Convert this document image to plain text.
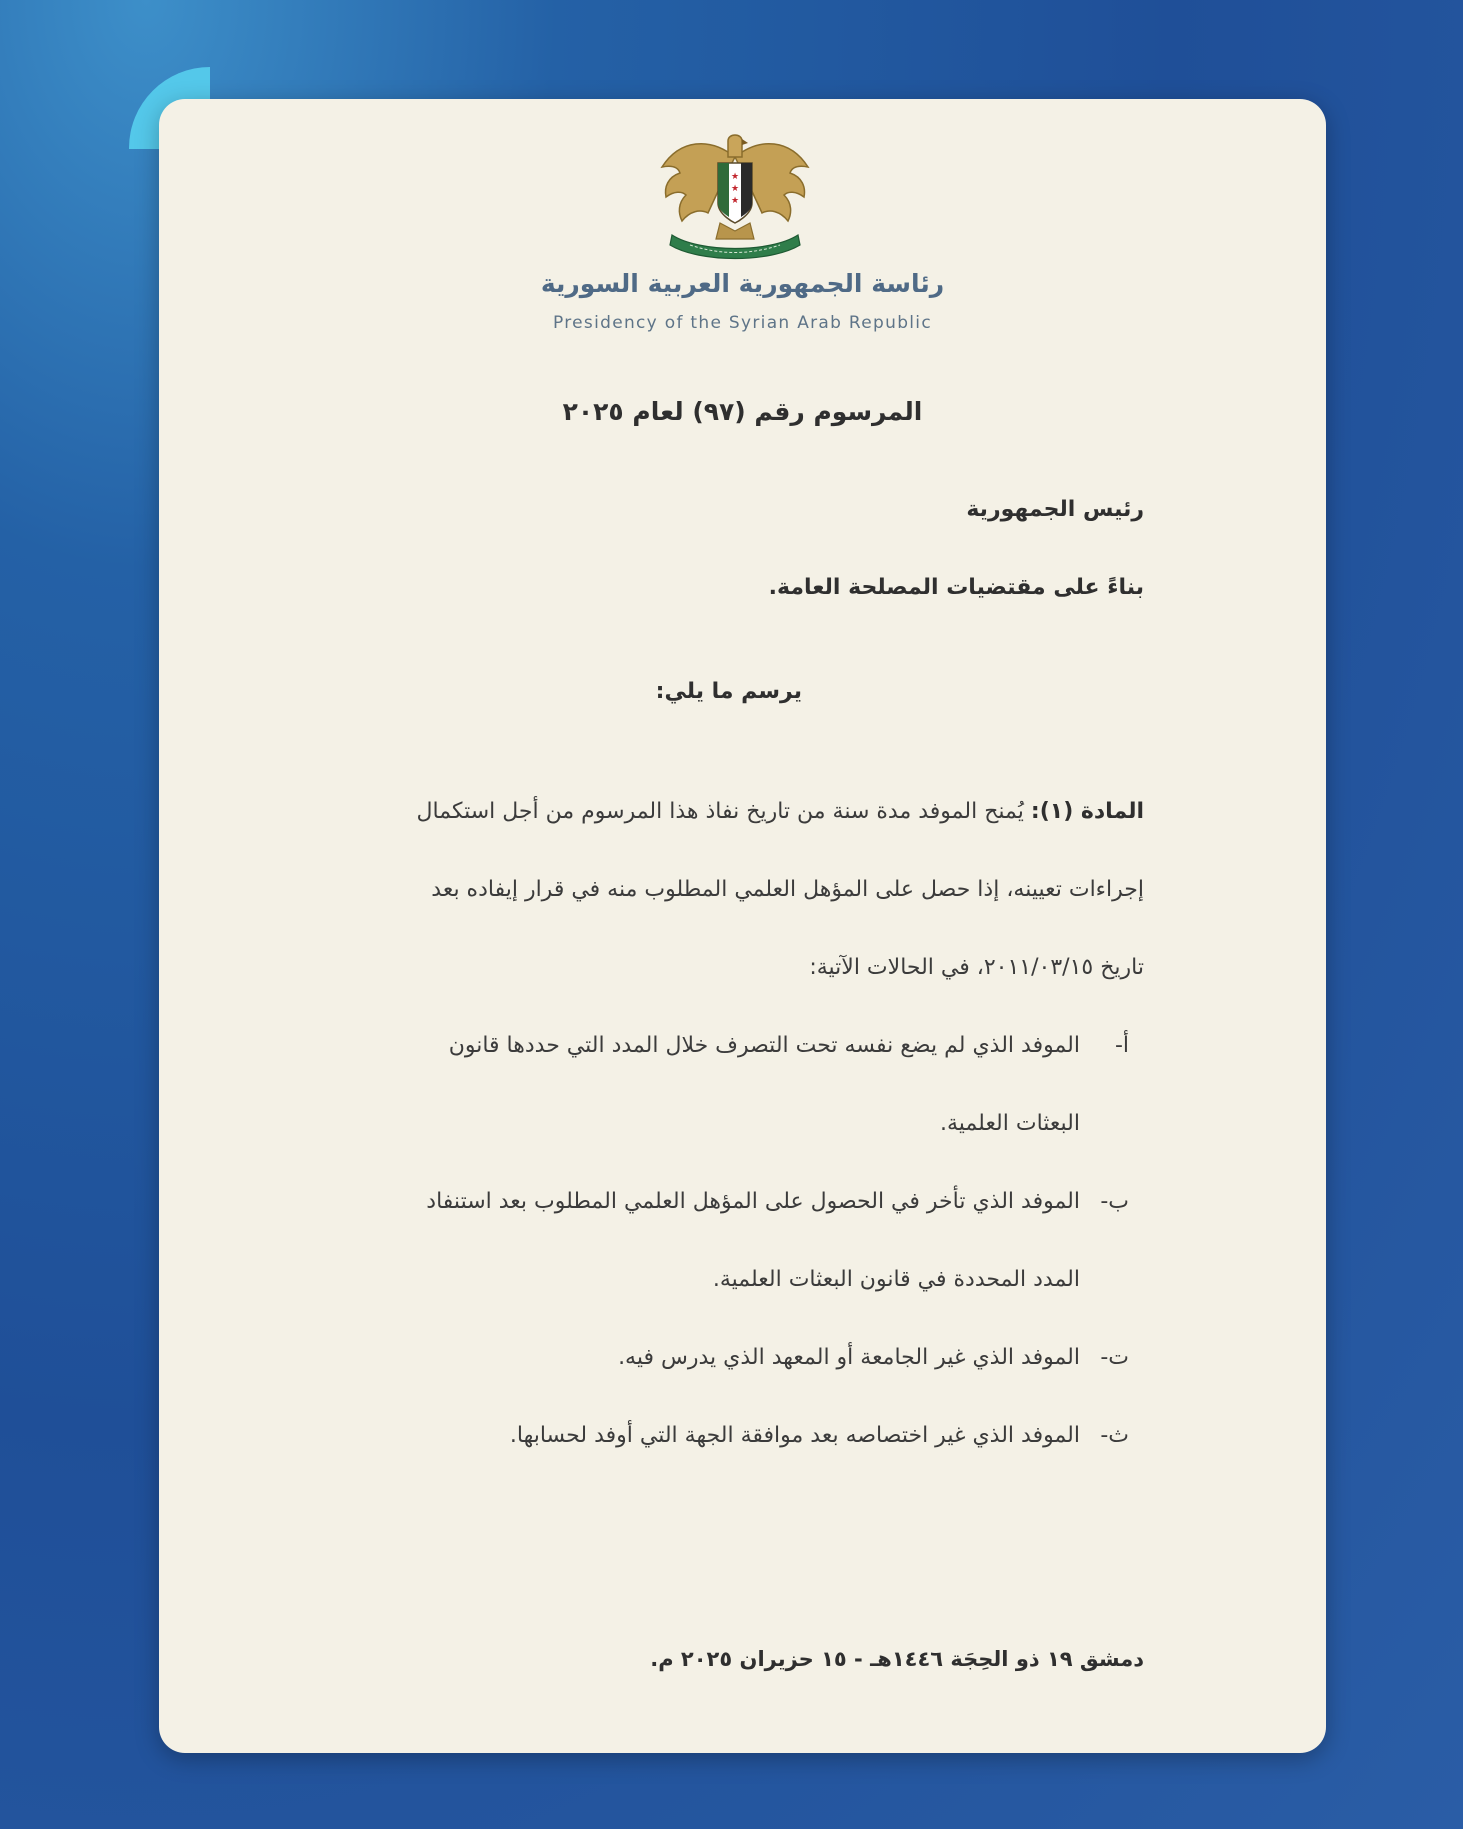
★
★
★
رئاسة الجمهورية العربية السورية
Presidency of the Syrian Arab Republic
المرسوم رقم (٩٧) لعام ٢٠٢٥
رئيس الجمهورية
بناءً على مقتضيات المصلحة العامة.
يرسم ما يلي:
المادة (١): يُمنح الموفد مدة سنة من تاريخ نفاذ هذا المرسوم من أجل استكمال
إجراءات تعيينه، إذا حصل على المؤهل العلمي المطلوب منه في قرار إيفاده بعد
تاريخ ٢٠١١/٠٣/١٥، في الحالات الآتية:
أ-
الموفد الذي لم يضع نفسه تحت التصرف خلال المدد التي حددها قانون
البعثات العلمية.
ب-
الموفد الذي تأخر في الحصول على المؤهل العلمي المطلوب بعد استنفاد
المدد المحددة في قانون البعثات العلمية.
ت-
الموفد الذي غير الجامعة أو المعهد الذي يدرس فيه.
ث-
الموفد الذي غير اختصاصه بعد موافقة الجهة التي أوفد لحسابها.
دمشق ١٩ ذو الحِجَة ١٤٤٦هـ - ١٥ حزيران ٢٠٢٥ م.
